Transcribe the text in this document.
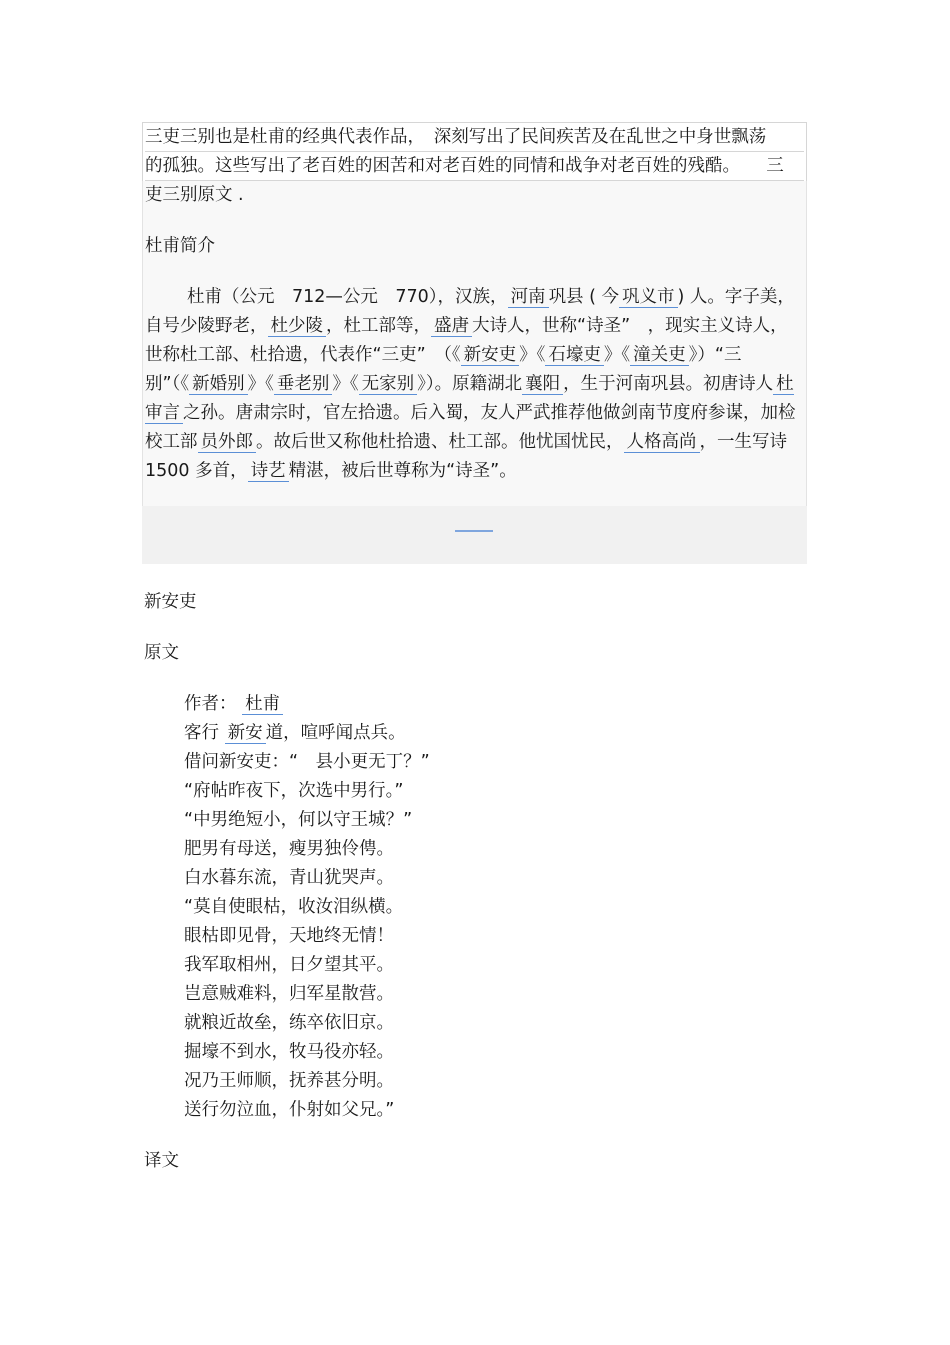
三吏三别也是杜甫的经典代表作品，　深刻写出了民间疾苦及在乱世之中身世飘荡
的孤独。这些写出了老百姓的困苦和对老百姓的同情和战争对老百姓的残酷。　　三

吏三别原文 .

杜甫简介

杜甫（公元　712—公元　770），汉族， 河南 巩县 ( 今 巩义市 ) 人。字子美，自号少陵野老， 杜少陵 ，杜工部等， 盛唐 大诗人，世称“诗圣”　，现实主义诗人，世称杜工部、杜拾遗，代表作“三吏”　（《 新安吏 》《 石壕吏 》《 潼关吏 》）“三别”（《 新婚别 》《 垂老别 》《 无家别 》）。原籍湖北 襄阳 ，生于河南巩县。初唐诗人 杜审言 之孙。唐肃宗时，官左拾遗。后入蜀，友人严武推荐他做剑南节度府参谋，加检校工部 员外郎 。故后世又称他杜拾遗、杜工部。他忧国忧民， 人格高尚 ，一生写诗　1500 多首， 诗艺 精湛，被后世尊称为“诗圣”。

新安吏

原文

作者： 杜甫

客行 新安 道，喧呼闻点兵。

借问新安吏：“　县小更无丁？”

“府帖昨夜下，次选中男行。”

“中男绝短小，何以守王城？”

肥男有母送，瘦男独伶俜。

白水暮东流，青山犹哭声。

“莫自使眼枯，收汝泪纵横。

眼枯即见骨，天地终无情！

我军取相州，日夕望其平。

岂意贼难料，归军星散营。

就粮近故垒，练卒依旧京。

掘壕不到水，牧马役亦轻。

况乃王师顺，抚养甚分明。

送行勿泣血，仆射如父兄。”

译文
